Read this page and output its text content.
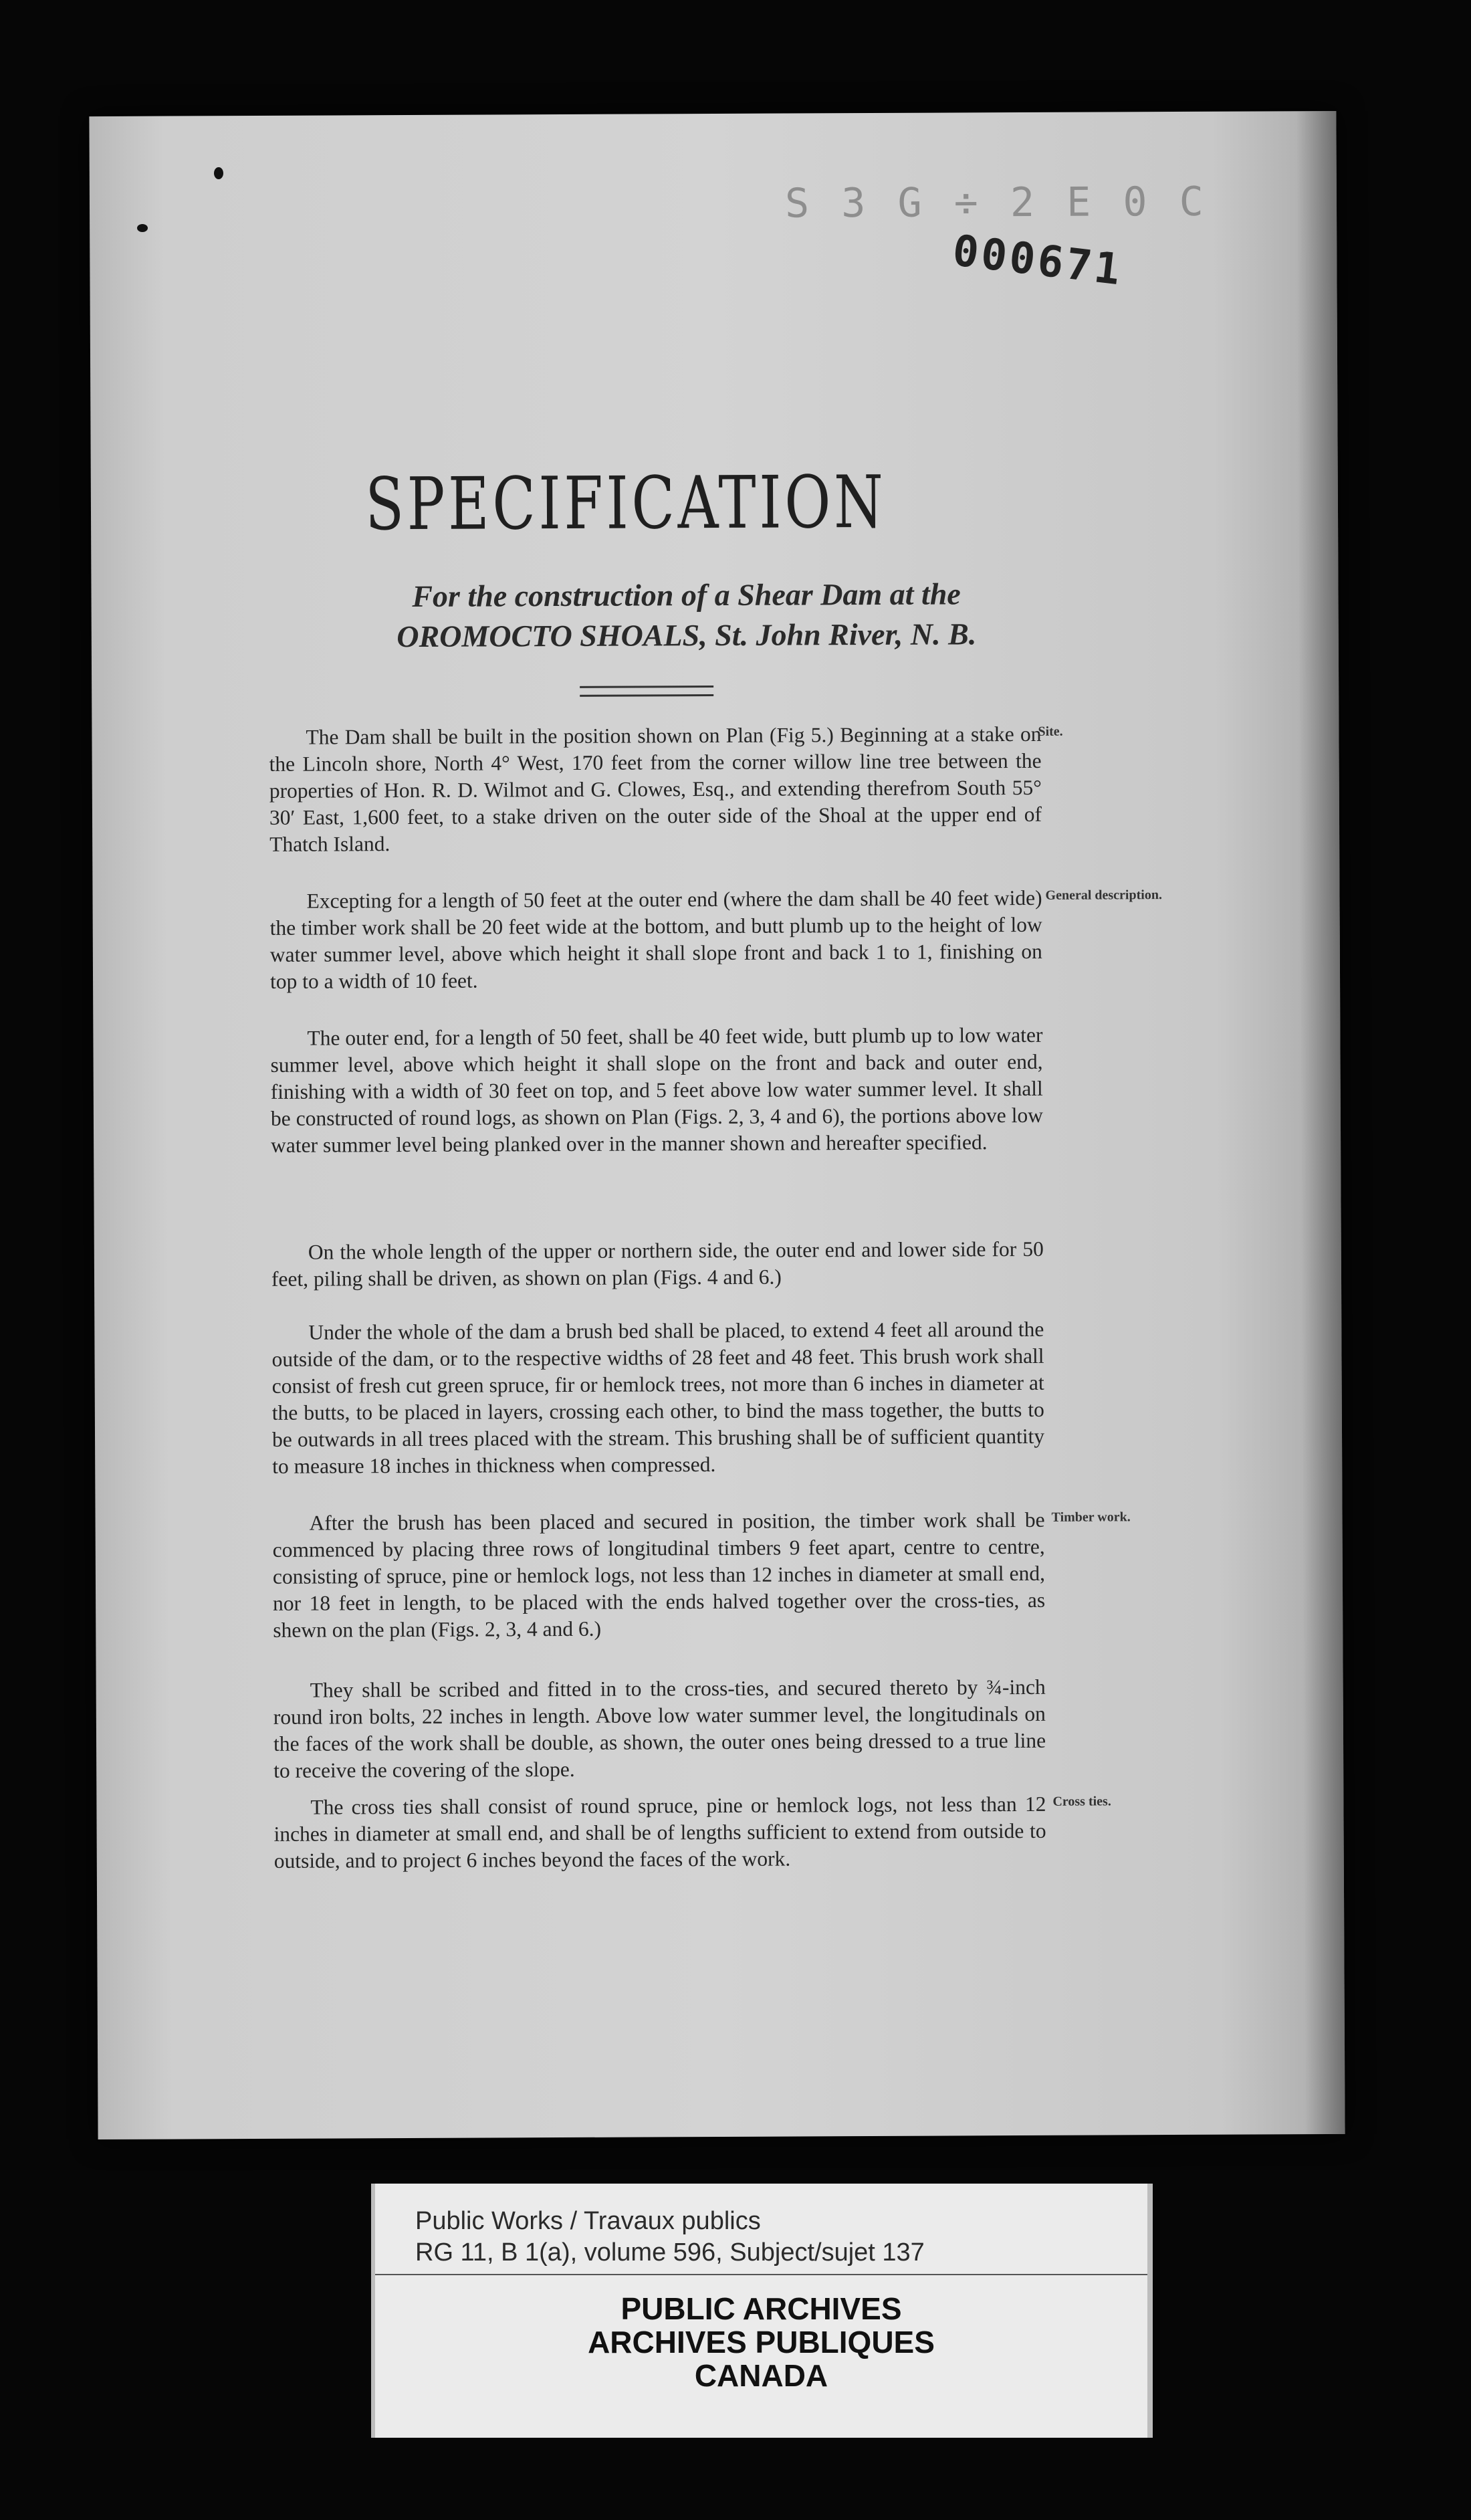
S 3 G ÷ 2 E 0 C
000671
SPECIFICATION
For the construction of a Shear Dam at the
OROMOCTO SHOALS, St. John River, N. B.
The Dam shall be built in the position shown on Plan (Fig 5.) Beginning at a stake on the Lincoln shore, North 4° West, 170 feet from the corner willow line tree between the properties of Hon. R. D. Wilmot and G. Clowes, Esq., and extending therefrom South 55° 30′ East, 1,600 feet, to a stake driven on the outer side of the Shoal at the upper end of Thatch Island.
Site.
Excepting for a length of 50 feet at the outer end (where the dam shall be 40 feet wide) the timber work shall be 20 feet wide at the bottom, and butt plumb up to the height of low water summer level, above which height it shall slope front and back 1 to 1, finishing on top to a width of 10 feet.
General description.
The outer end, for a length of 50 feet, shall be 40 feet wide, butt plumb up to low water summer level, above which height it shall slope on the front and back and outer end, finishing with a width of 30 feet on top, and 5 feet above low water summer level. It shall be constructed of round logs, as shown on Plan (Figs. 2, 3, 4 and 6), the portions above low water summer level being planked over in the manner shown and hereafter specified.
On the whole length of the upper or northern side, the outer end and lower side for 50 feet, piling shall be driven, as shown on plan (Figs. 4 and 6.)
Under the whole of the dam a brush bed shall be placed, to extend 4 feet all around the outside of the dam, or to the respective widths of 28 feet and 48 feet. This brush work shall consist of fresh cut green spruce, fir or hemlock trees, not more than 6 inches in diameter at the butts, to be placed in layers, crossing each other, to bind the mass together, the butts to be outwards in all trees placed with the stream. This brushing shall be of sufficient quantity to measure 18 inches in thickness when compressed.
After the brush has been placed and secured in position, the timber work shall be commenced by placing three rows of longitudinal timbers 9 feet apart, centre to centre, consisting of spruce, pine or hemlock logs, not less than 12 inches in diameter at small end, nor 18 feet in length, to be placed with the ends halved together over the cross-ties, as shewn on the plan (Figs. 2, 3, 4 and 6.)
Timber work.
They shall be scribed and fitted in to the cross-ties, and secured thereto by ¾-inch round iron bolts, 22 inches in length. Above low water summer level, the longitudinals on the faces of the work shall be double, as shown, the outer ones being dressed to a true line to receive the covering of the slope.
The cross ties shall consist of round spruce, pine or hemlock logs, not less than 12 inches in diameter at small end, and shall be of lengths sufficient to extend from outside to outside, and to project 6 inches beyond the faces of the work.
Cross ties.
Public Works / Travaux publics
RG 11, B 1(a), volume 596, Subject/sujet 137
PUBLIC ARCHIVES
ARCHIVES PUBLIQUES
CANADA
